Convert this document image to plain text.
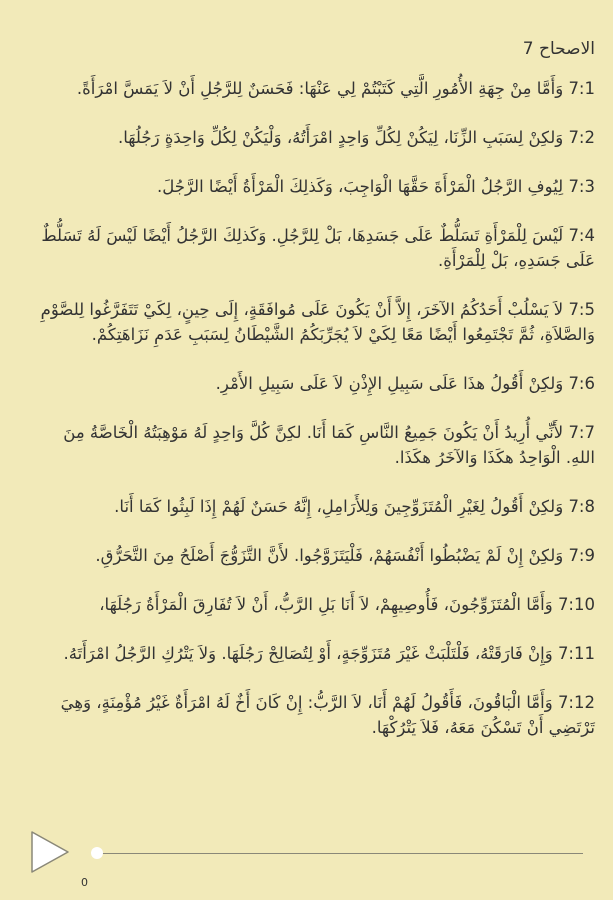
الاصحاح 7
7:1 وَأَمَّا مِنْ جِهَةِ الأُمُورِ الَّتِي كَتَبْتُمْ لِي عَنْهَا: فَحَسَنٌ لِلرَّجُلِ أَنْ لاَ يَمَسَّ امْرَأَةً.
7:2 وَلكِنْ لِسَبَبِ الزِّنَا، لِيَكُنْ لِكُلِّ وَاحِدٍ امْرَأَتُهُ، وَلْيَكُنْ لِكُلِّ وَاحِدَةٍ رَجُلُهَا.
7:3 لِيُوفِ الرَّجُلُ الْمَرْأَةَ حَقَّهَا الْوَاجِبَ، وَكَذلِكَ الْمَرْأَةُ أَيْضًا الرَّجُلَ.
7:4 لَيْسَ لِلْمَرْأَةِ تَسَلُّطٌ عَلَى جَسَدِهَا، بَلْ لِلرَّجُلِ. وَكَذلِكَ الرَّجُلُ أَيْضًا لَيْسَ لَهُ تَسَلُّطٌ عَلَى جَسَدِهِ، بَلْ لِلْمَرْأَةِ.
7:5 لاَ يَسْلُبْ أَحَدُكُمُ الآخَرَ، إِلاَّ أَنْ يَكُونَ عَلَى مُوافَقَةٍ، إِلَى حِينٍ، لِكَيْ تَتَفَرَّغُوا لِلصَّوْمِ وَالصَّلاَةِ، ثُمَّ تَجْتَمِعُوا أَيْضًا مَعًا لِكَيْ لاَ يُجَرِّبَكُمُ الشَّيْطَانُ لِسَبَبِ عَدَمِ نَزَاهَتِكُمْ.
7:6 وَلكِنْ أَقُولُ هذَا عَلَى سَبِيلِ الإِذْنِ لاَ عَلَى سَبِيلِ الأَمْرِ.
7:7 لأَنِّي أُرِيدُ أَنْ يَكُونَ جَمِيعُ النَّاسِ كَمَا أَنَا. لكِنَّ كُلَّ وَاحِدٍ لَهُ مَوْهِبَتُهُ الْخَاصَّةُ مِنَ اللهِ. الْوَاحِدُ هكَذَا وَالآخَرُ هكَذَا.
7:8 وَلكِنْ أَقُولُ لِغَيْرِ الْمُتَزَوِّجِينَ وَلِلأَرَامِلِ، إِنَّهُ حَسَنٌ لَهُمْ إِذَا لَبِثُوا كَمَا أَنَا.
7:9 وَلكِنْ إِنْ لَمْ يَضْبُطُوا أَنْفُسَهُمْ، فَلْيَتَزَوَّجُوا. لأَنَّ التَّزَوُّجَ أَصْلَحُ مِنَ التَّحَرُّقِ.
7:10 وَأَمَّا الْمُتَزَوِّجُونَ، فَأُوصِيهِمْ، لاَ أَنَا بَلِ الرَّبُّ، أَنْ لاَ تُفَارِقَ الْمَرْأَةُ رَجُلَهَا،
7:11 وَإِنْ فَارَقَتْهُ، فَلْتَلْبَثْ غَيْرَ مُتَزَوِّجَةٍ، أَوْ لِتُصَالِحْ رَجُلَهَا. وَلاَ يَتْرُكِ الرَّجُلُ امْرَأَتَهُ.
7:12 وَأَمَّا الْبَاقُونَ، فَأَقُولُ لَهُمْ أَنَا، لاَ الرَّبُّ: إِنْ كَانَ أَخٌ لَهُ امْرَأَةٌ غَيْرُ مُؤْمِنَةٍ، وَهِيَ تَرْتَضِي أَنْ تَسْكُنَ مَعَهُ، فَلاَ يَتْرُكْهَا.
0
